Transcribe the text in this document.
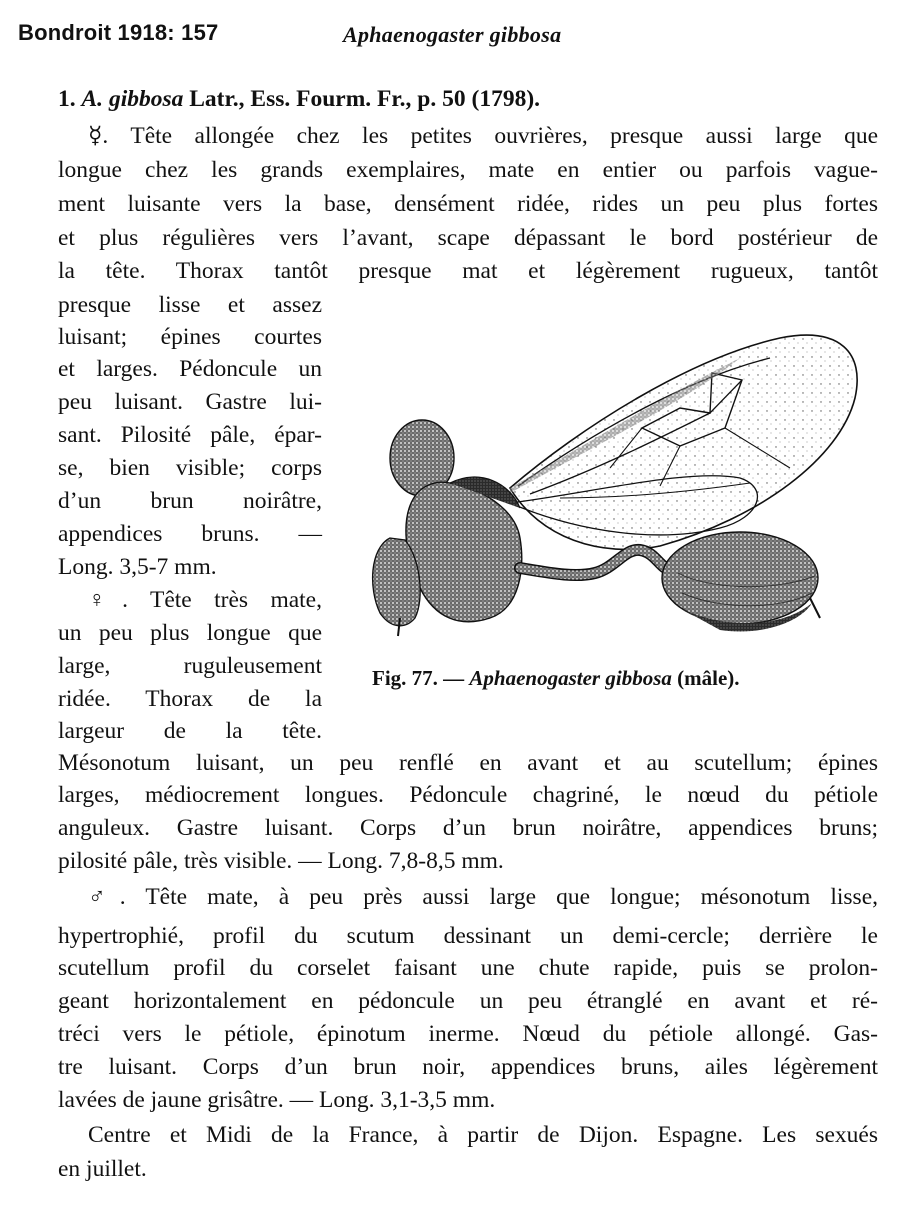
Bondroit 1918: 157	Aphaenogaster gibbosa
1. A. gibbosa Latr., Ess. Fourm. Fr., p. 50 (1798).
☿. Tête allongée chez les petites ouvrières, presque aussi large que
longue chez les grands exemplaires, mate en entier ou parfois vague-
ment luisante vers la base, densément ridée, rides un peu plus fortes
et plus régulières vers l’avant, scape dépassant le bord postérieur de
la tête. Thorax tantôt presque mat et légèrement rugueux, tantôt
presque lisse et assez
luisant; épines courtes
et larges. Pédoncule un
peu luisant. Gastre lui-
sant. Pilosité pâle, épar-
se, bien visible; corps
d’un brun noirâtre,
appendices bruns. —
Long. 3,5-7 mm.
♀. Tête très mate,
un peu plus longue que
large, ruguleusement
ridée. Thorax de la
largeur de la tête.
Mésonotum luisant, un peu renflé en avant et au scutellum; épines
larges, médiocrement longues. Pédoncule chagriné, le nœud du pétiole
anguleux. Gastre luisant. Corps d’un brun noirâtre, appendices bruns;
pilosité pâle, très visible. — Long. 7,8-8,5 mm.
♂. Tête mate, à peu près aussi large que longue; mésonotum lisse,
hypertrophié, profil du scutum dessinant un demi-cercle; derrière le
scutellum profil du corselet faisant une chute rapide, puis se prolon-
geant horizontalement en pédoncule un peu étranglé en avant et ré-
tréci vers le pétiole, épinotum inerme. Nœud du pétiole allongé. Gas-
tre luisant. Corps d’un brun noir, appendices bruns, ailes légèrement
lavées de jaune grisâtre. — Long. 3,1-3,5 mm.
Centre et Midi de la France, à partir de Dijon. Espagne. Les sexués
en juillet.
Fig. 77. — Aphaenogaster gibbosa (mâle).
